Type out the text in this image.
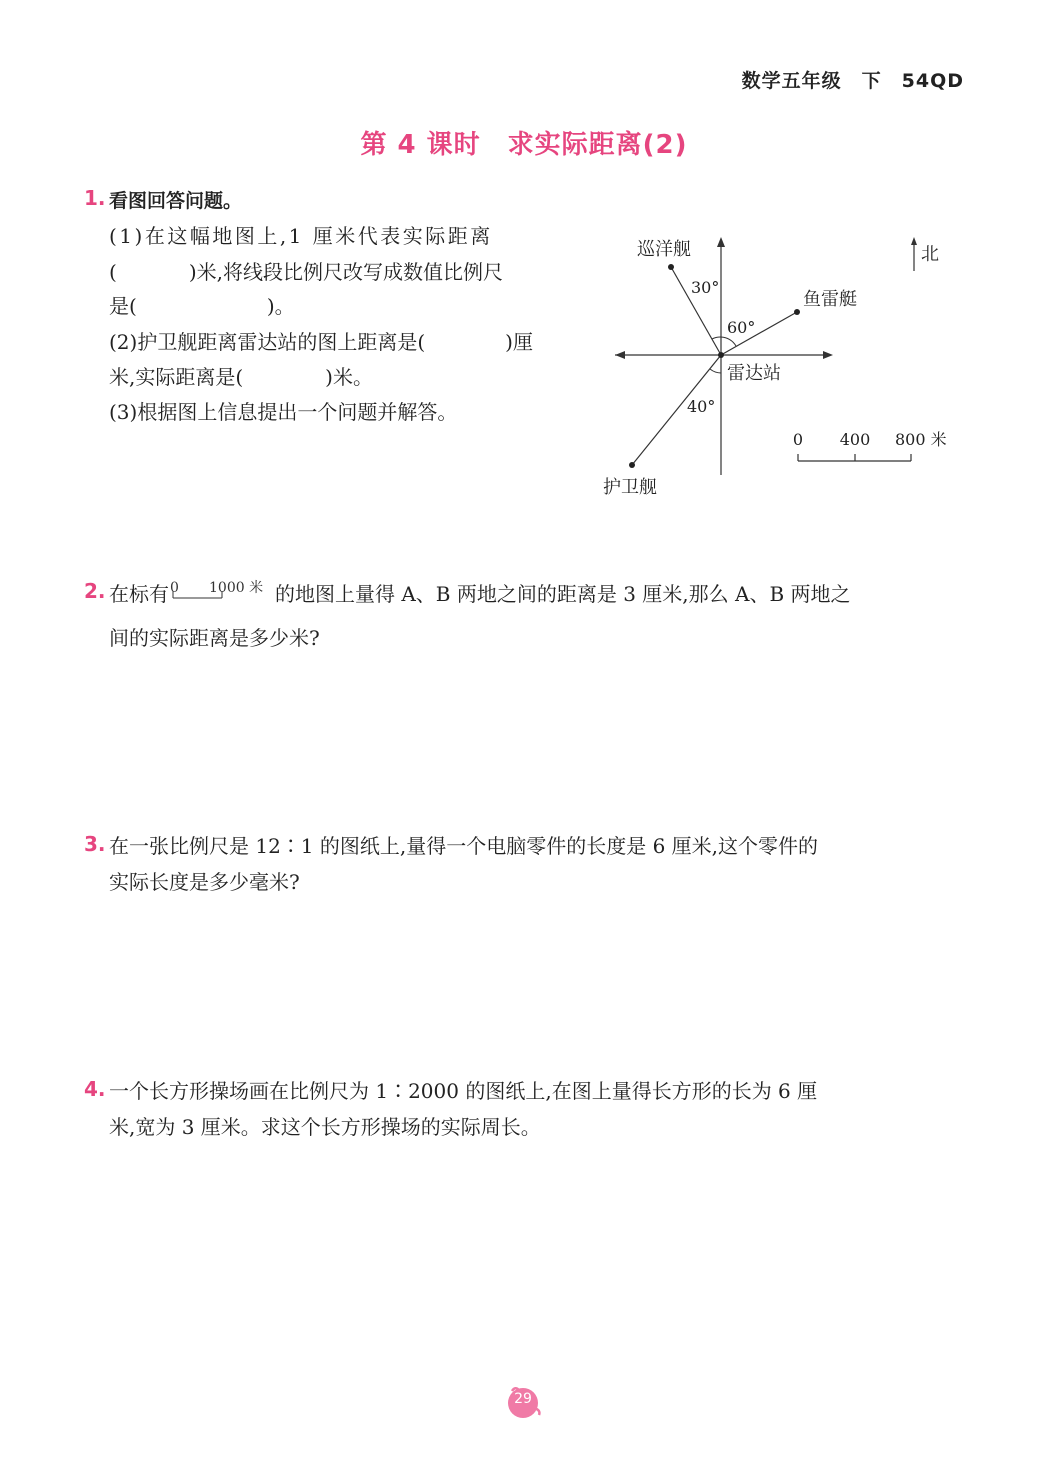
数学五年级　下　54QD
第 4 课时　求实际距离(2)
1. 看图回答问题。
(1)在这幅地图上,1 厘米代表实际距离
(	)米,将线段比例尺改写成数值比例尺
是(	)。
(2)护卫舰距离雷达站的图上距离是(	)厘
米,实际距离是(	)米。
(3)根据图上信息提出一个问题并解答。
巡洋舰
30°
60°
鱼雷艇
雷达站
40°
护卫舰
北
0 400 800 米
2. 在标有 0 1000 米 的地图上量得 A、B 两地之间的距离是 3 厘米,那么 A、B 两地之
间的实际距离是多少米?
3. 在一张比例尺是 12∶1 的图纸上,量得一个电脑零件的长度是 6 厘米,这个零件的
实际长度是多少毫米?
4. 一个长方形操场画在比例尺为 1∶2000 的图纸上,在图上量得长方形的长为 6 厘
米,宽为 3 厘米。求这个长方形操场的实际周长。
29
